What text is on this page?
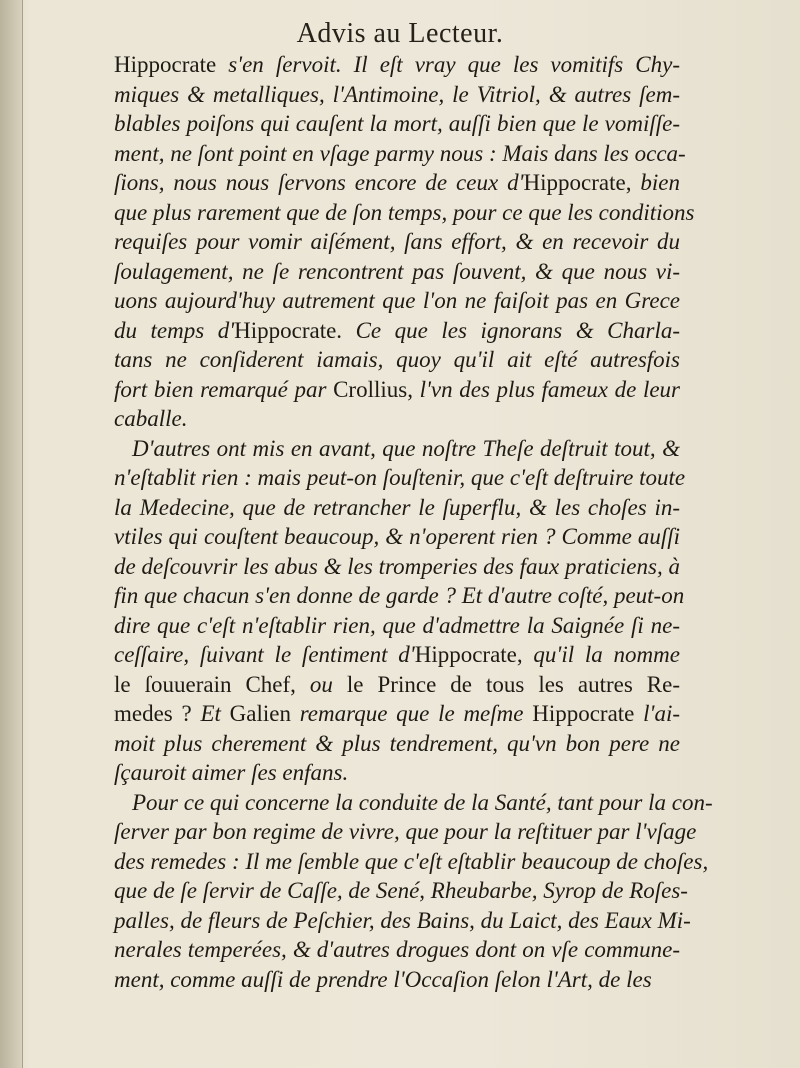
Advis au Lecteur.
Hippocrate s'en ſervoit. Il eſt vray que les vomitifs Chy-
miques & metalliques, l'Antimoine, le Vitriol, & autres ſem-
blables poiſons qui cauſent la mort, auſſi bien que le vomiſſe-
ment, ne ſont point en vſage parmy nous : Mais dans les occa-
ſions, nous nous ſervons encore de ceux d'Hippocrate, bien
que plus rarement que de ſon temps, pour ce que les conditions
requiſes pour vomir aiſément, ſans effort, & en recevoir du
ſoulagement, ne ſe rencontrent pas ſouvent, & que nous vi-
uons aujourd'huy autrement que l'on ne faiſoit pas en Grece
du temps d'Hippocrate. Ce que les ignorans & Charla-
tans ne conſiderent iamais, quoy qu'il ait eſté autresfois
fort bien remarqué par Crollius, l'vn des plus fameux de leur
caballe.
D'autres ont mis en avant, que noſtre Theſe deſtruit tout, &
n'eſtablit rien : mais peut-on ſouſtenir, que c'eſt deſtruire toute
la Medecine, que de retrancher le ſuperflu, & les choſes in-
vtiles qui couſtent beaucoup, & n'operent rien ? Comme auſſi
de deſcouvrir les abus & les tromperies des faux praticiens, à
fin que chacun s'en donne de garde ? Et d'autre coſté, peut-on
dire que c'eſt n'eſtablir rien, que d'admettre la Saignée ſi ne-
ceſſaire, ſuivant le ſentiment d'Hippocrate, qu'il la nomme
le ſouuerain Chef, ou le Prince de tous les autres Re-
medes ? Et Galien remarque que le meſme Hippocrate l'ai-
moit plus cherement & plus tendrement, qu'vn bon pere ne
ſçauroit aimer ſes enfans.
Pour ce qui concerne la conduite de la Santé, tant pour la con-
ſerver par bon regime de vivre, que pour la reſtituer par l'vſage
des remedes : Il me ſemble que c'eſt eſtablir beaucoup de choſes,
que de ſe ſervir de Caſſe, de Sené, Rheubarbe, Syrop de Roſes-
palles, de fleurs de Peſchier, des Bains, du Laict, des Eaux Mi-
nerales temperées, & d'autres drogues dont on vſe commune-
ment, comme auſſi de prendre l'Occaſion ſelon l'Art, de les
